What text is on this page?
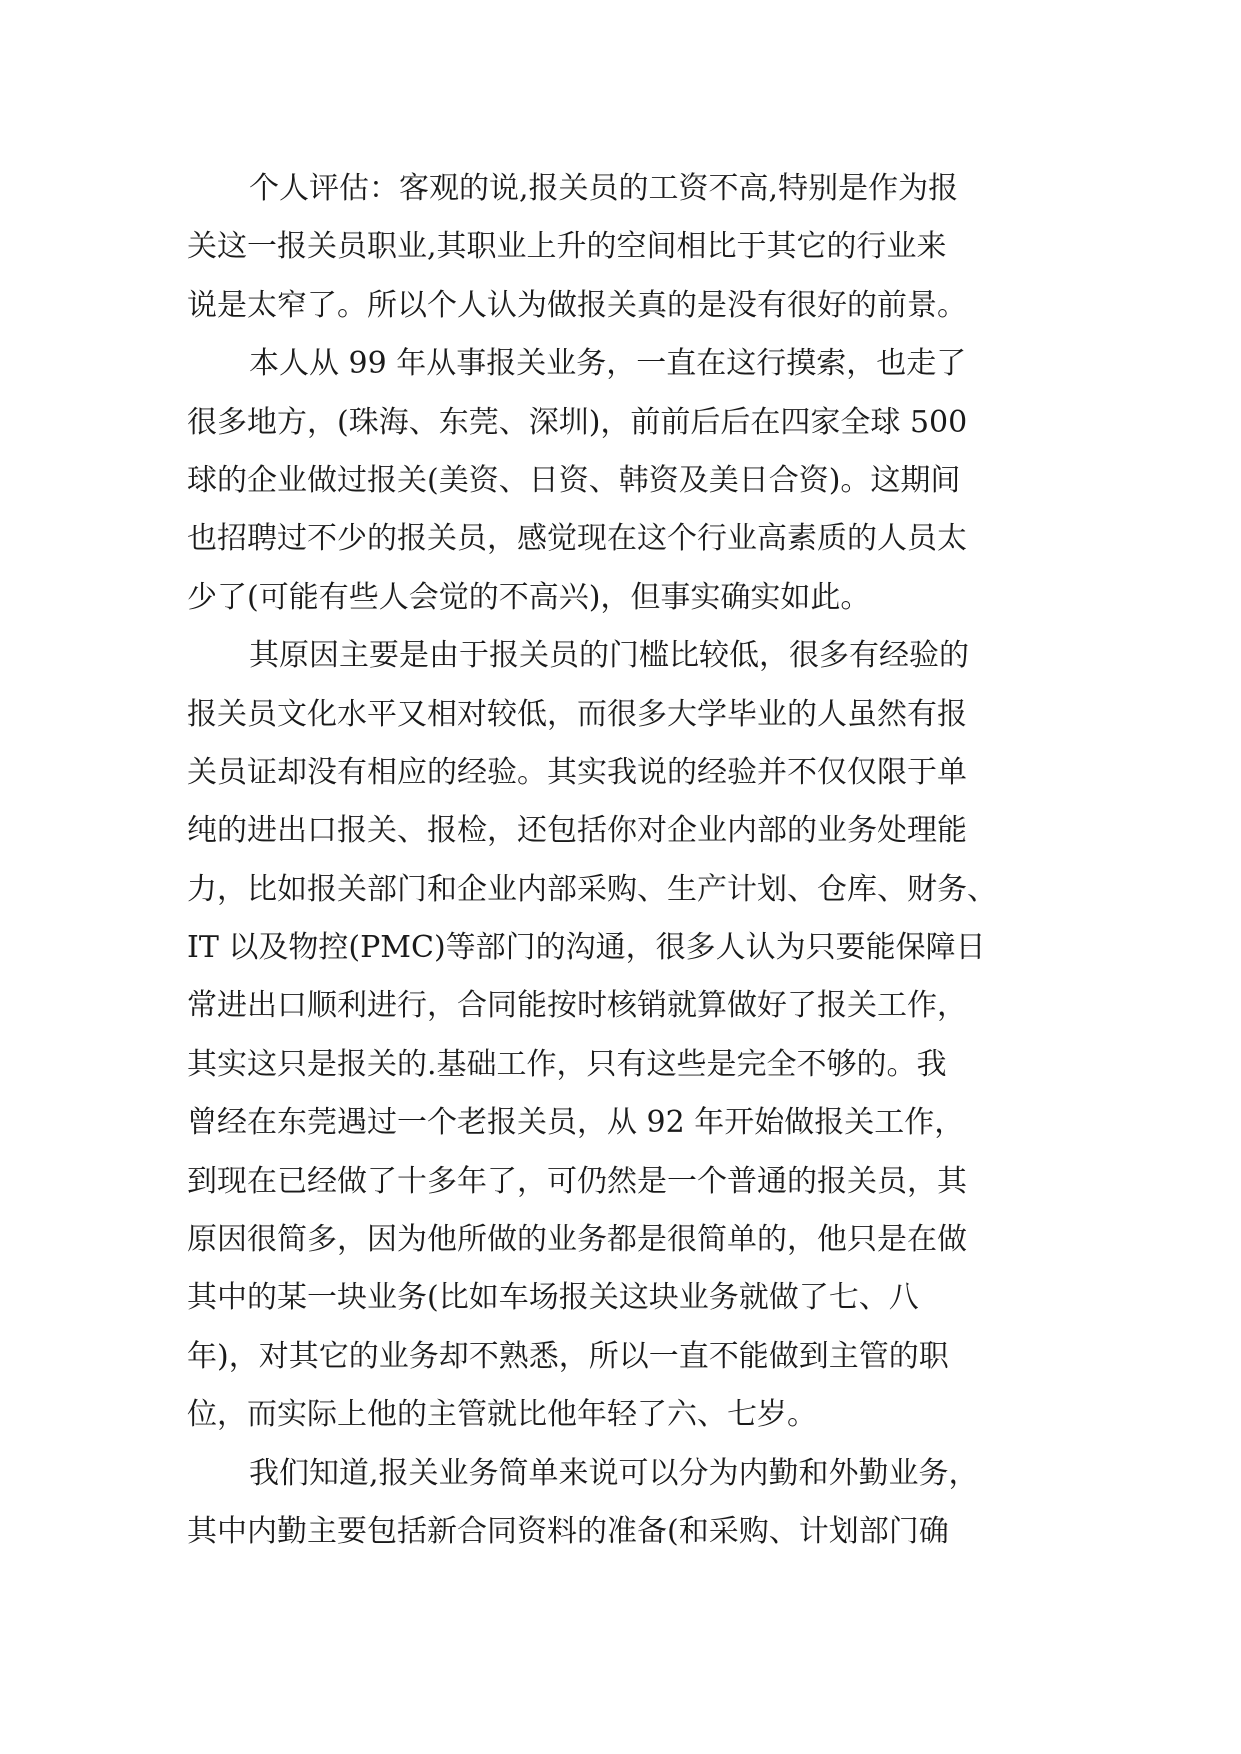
个人评估：客观的说,报关员的工资不高,特别是作为报
关这一报关员职业,其职业上升的空间相比于其它的行业来
说是太窄了。所以个人认为做报关真的是没有很好的前景。
本人从 99 年从事报关业务，一直在这行摸索，也走了
很多地方，(珠海、东莞、深圳)，前前后后在四家全球 500
球的企业做过报关(美资、日资、韩资及美日合资)。这期间
也招聘过不少的报关员，感觉现在这个行业高素质的人员太
少了(可能有些人会觉的不高兴)，但事实确实如此。
其原因主要是由于报关员的门槛比较低，很多有经验的
报关员文化水平又相对较低，而很多大学毕业的人虽然有报
关员证却没有相应的经验。其实我说的经验并不仅仅限于单
纯的进出口报关、报检，还包括你对企业内部的业务处理能
力，比如报关部门和企业内部采购、生产计划、仓库、财务、
IT 以及物控(PMC)等部门的沟通，很多人认为只要能保障日
常进出口顺利进行，合同能按时核销就算做好了报关工作，
其实这只是报关的.基础工作，只有这些是完全不够的。我
曾经在东莞遇过一个老报关员，从 92 年开始做报关工作，
到现在已经做了十多年了，可仍然是一个普通的报关员，其
原因很简多，因为他所做的业务都是很简单的，他只是在做
其中的某一块业务(比如车场报关这块业务就做了七、八
年)，对其它的业务却不熟悉，所以一直不能做到主管的职
位，而实际上他的主管就比他年轻了六、七岁。
我们知道,报关业务简单来说可以分为内勤和外勤业务，
其中内勤主要包括新合同资料的准备(和采购、计划部门确
